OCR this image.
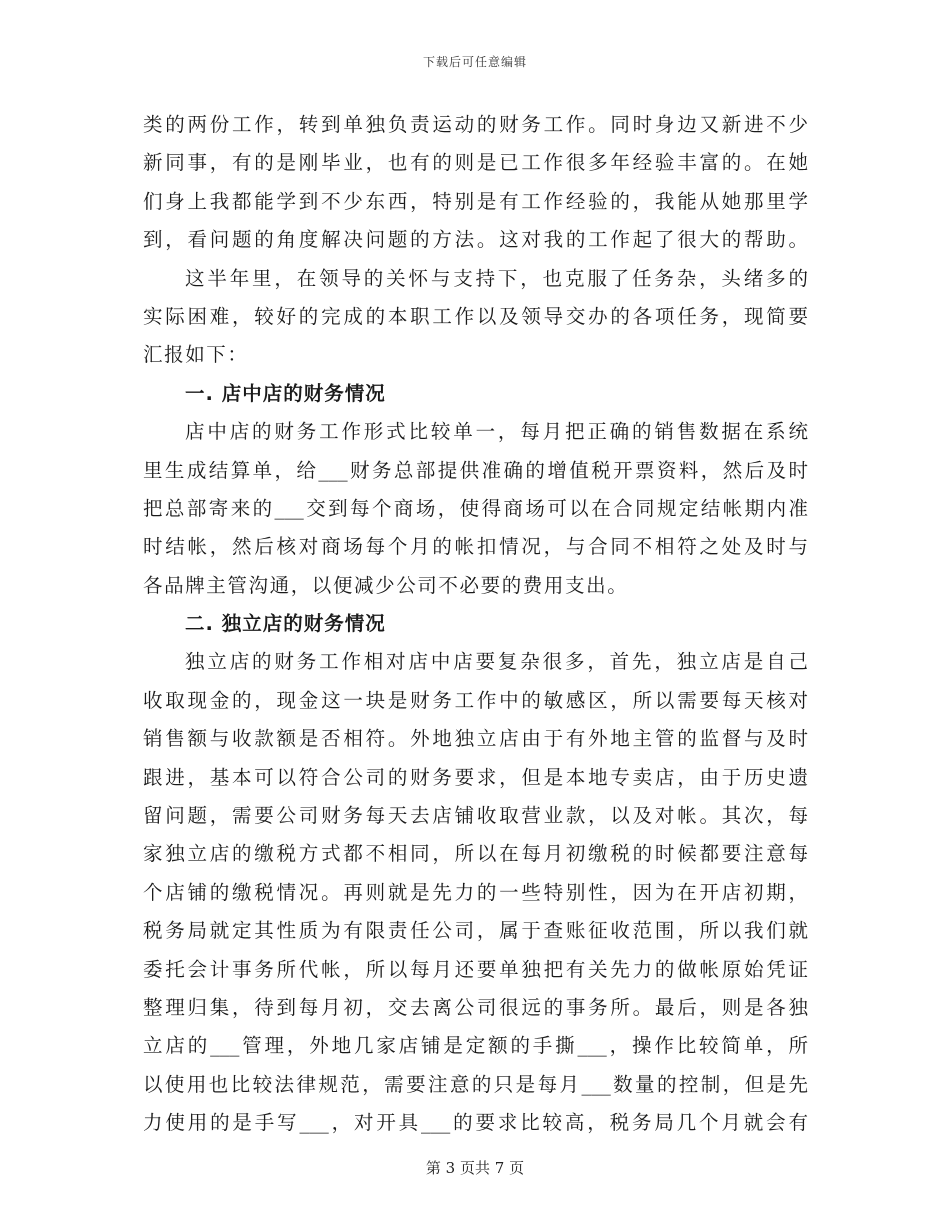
下载后可任意编辑
类的两份工作，转到单独负责运动的财务工作。同时身边又新进不少
新同事，有的是刚毕业，也有的则是已工作很多年经验丰富的。在她
们身上我都能学到不少东西，特别是有工作经验的，我能从她那里学
到，看问题的角度解决问题的方法。这对我的工作起了很大的帮助。
这半年里，在领导的关怀与支持下，也克服了任务杂，头绪多的
实际困难，较好的完成的本职工作以及领导交办的各项任务，现简要
汇报如下：
一. 店中店的财务情况
店中店的财务工作形式比较单一，每月把正确的销售数据在系统
里生成结算单，给___财务总部提供准确的增值税开票资料，然后及时
把总部寄来的___交到每个商场，使得商场可以在合同规定结帐期内准
时结帐，然后核对商场每个月的帐扣情况，与合同不相符之处及时与
各品牌主管沟通，以便减少公司不必要的费用支出。
二. 独立店的财务情况
独立店的财务工作相对店中店要复杂很多，首先，独立店是自己
收取现金的，现金这一块是财务工作中的敏感区，所以需要每天核对
销售额与收款额是否相符。外地独立店由于有外地主管的监督与及时
跟进，基本可以符合公司的财务要求，但是本地专卖店，由于历史遗
留问题，需要公司财务每天去店铺收取营业款，以及对帐。其次，每
家独立店的缴税方式都不相同，所以在每月初缴税的时候都要注意每
个店铺的缴税情况。再则就是先力的一些特别性，因为在开店初期，
税务局就定其性质为有限责任公司，属于查账征收范围，所以我们就
委托会计事务所代帐，所以每月还要单独把有关先力的做帐原始凭证
整理归集，待到每月初，交去离公司很远的事务所。最后，则是各独
立店的___管理，外地几家店铺是定额的手撕___，操作比较简单，所
以使用也比较法律规范，需要注意的只是每月___数量的控制，但是先
力使用的是手写___，对开具___的要求比较高，税务局几个月就会有
第 3 页共 7 页
